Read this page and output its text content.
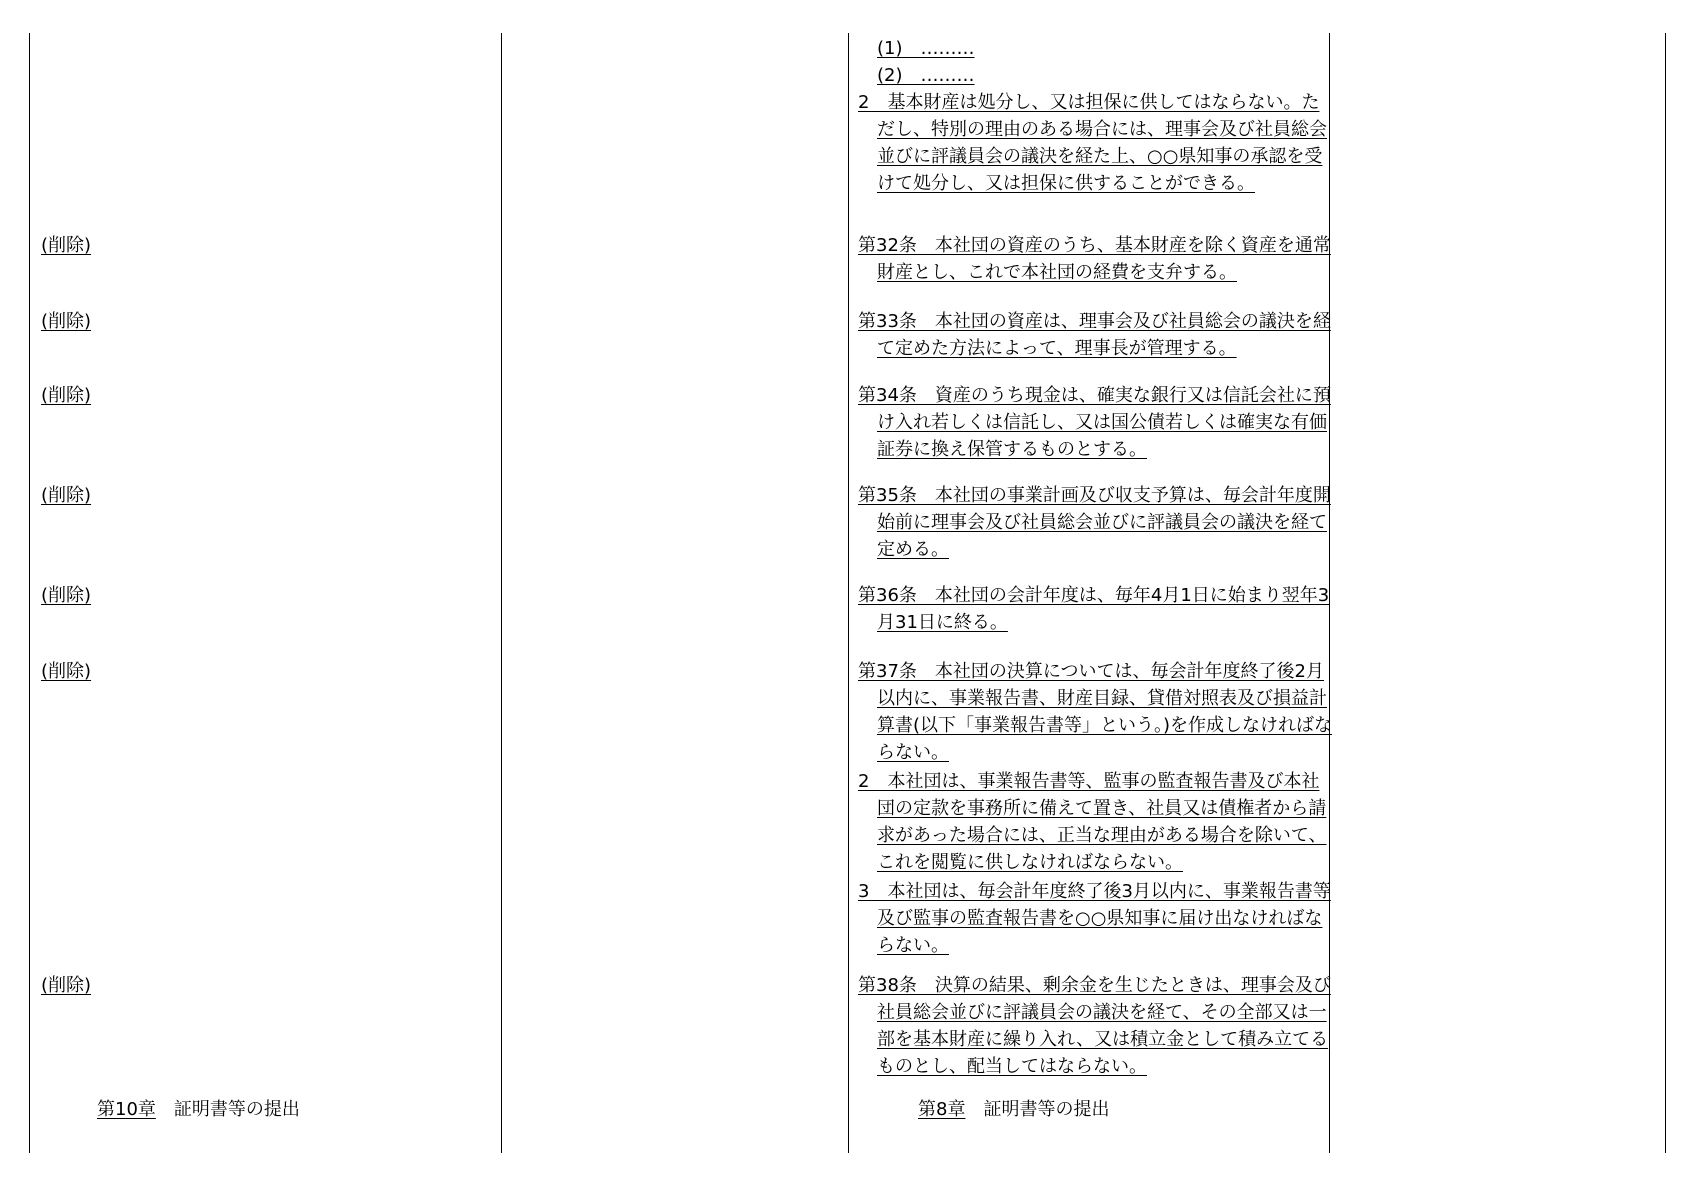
(削除)
(削除)
(削除)
(削除)
(削除)
(削除)
(削除)
第10章　 証明書等の提出
(1)　………
(2)　………
2　基本財産は処分し、又は担保に供してはならない。ただし、特別の理由のある場合には、理事会及び社員総会並びに評議員会の議決を経た上、○○県知事の承認を受けて処分し、又は担保に供することができる。
第32条　本社団の資産のうち、基本財産を除く資産を通常財産とし、これで本社団の経費を支弁する。
第33条　本社団の資産は、理事会及び社員総会の議決を経て定めた方法によって、理事長が管理する。
第34条　資産のうち現金は、確実な銀行又は信託会社に預け入れ若しくは信託し、又は国公債若しくは確実な有価証券に換え保管するものとする。
第35条　本社団の事業計画及び収支予算は、毎会計年度開始前に理事会及び社員総会並びに評議員会の議決を経て定める。
第36条　本社団の会計年度は、毎年4月1日に始まり翌年3月31日に終る。
第37条　本社団の決算については、毎会計年度終了後2月以内に、事業報告書、財産目録、貸借対照表及び損益計算書(以下「事業報告書等」という。)を作成しなければならない。
2　本社団は、事業報告書等、監事の監査報告書及び本社団の定款を事務所に備えて置き、社員又は債権者から請求があった場合には、正当な理由がある場合を除いて、これを閲覧に供しなければならない。
3　本社団は、毎会計年度終了後3月以内に、事業報告書等及び監事の監査報告書を○○県知事に届け出なければならない。
第38条　決算の結果、剰余金を生じたときは、理事会及び社員総会並びに評議員会の議決を経て、その全部又は一部を基本財産に繰り入れ、又は積立金として積み立てるものとし、配当してはならない。
第8章　 証明書等の提出
